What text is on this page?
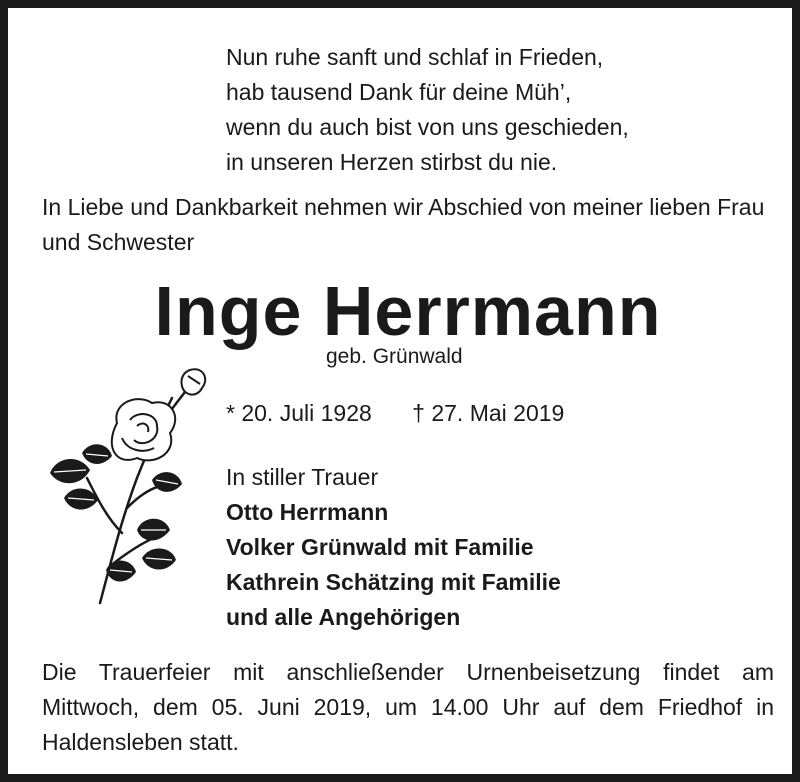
Nun ruhe sanft und schlaf in Frieden,
hab tausend Dank für deine Müh’,
wenn du auch bist von uns geschieden,
in unseren Herzen stirbst du nie.
In Liebe und Dankbarkeit nehmen wir Abschied von meiner lieben Frau und Schwester
Inge Herrmann
geb. Grünwald
* 20. Juli 1928 † 27. Mai 2019
In stiller Trauer
Otto Herrmann
Volker Grünwald mit Familie
Kathrein Schätzing mit Familie
und alle Angehörigen
Die Trauerfeier mit anschließender Urnenbeisetzung findet am Mittwoch, dem 05. Juni 2019, um 14.00 Uhr auf dem Friedhof in Haldensleben statt.
